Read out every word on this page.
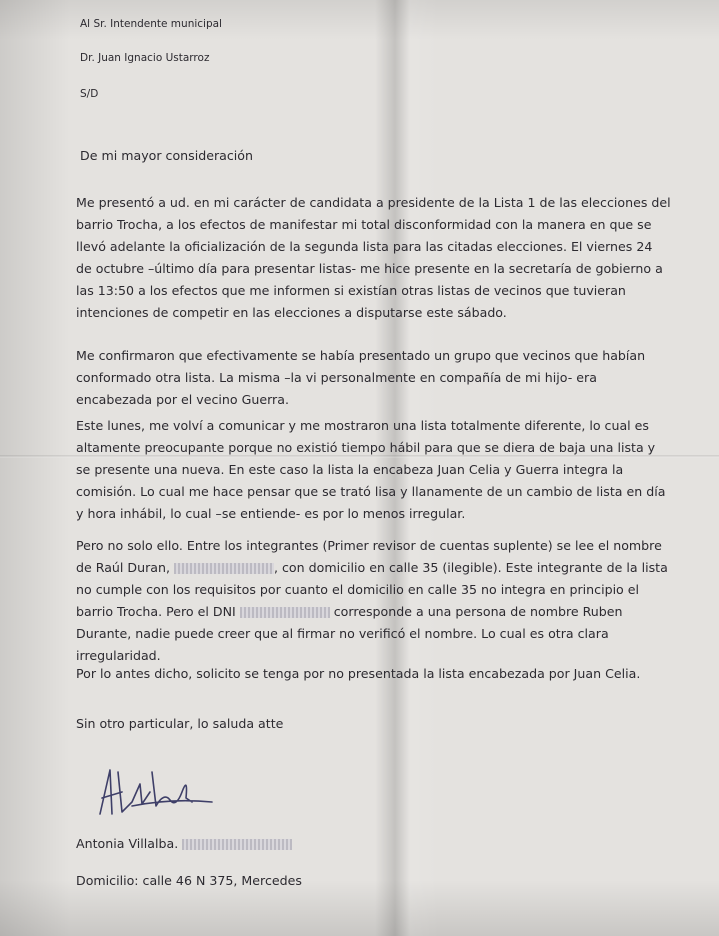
Al Sr. Intendente municipal
Dr. Juan Ignacio Ustarroz
S/D
De mi mayor consideración
Me presentó a ud. en mi carácter de candidata a presidente de la Lista 1 de las elecciones del barrio Trocha, a los efectos de manifestar mi total disconformidad con la manera en que se llevó adelante la oficialización de la segunda lista para las citadas elecciones. El viernes 24 de octubre –último día para presentar listas- me hice presente en la secretaría de gobierno a las 13:50 a los efectos que me informen si existían otras listas de vecinos que tuvieran intenciones de competir en las elecciones a disputarse este sábado.
Me confirmaron que efectivamente se había presentado un grupo que vecinos que habían conformado otra lista. La misma –la vi personalmente en compañía de mi hijo- era encabezada por el vecino Guerra.
Este lunes, me volví a comunicar y me mostraron una lista totalmente diferente, lo cual es altamente preocupante porque no existió tiempo hábil para que se diera de baja una lista y se presente una nueva. En este caso la lista la encabeza Juan Celia y Guerra integra la comisión. Lo cual me hace pensar que se trató lisa y llanamente de un cambio de lista en día y hora inhábil, lo cual –se entiende- es por lo menos irregular.
Pero no solo ello. Entre los integrantes (Primer revisor de cuentas suplente) se lee el nombre de Raúl Duran,	, con domicilio en calle 35 (ilegible). Este integrante de la lista no cumple con los requisitos por cuanto el domicilio en calle 35 no integra en principio el barrio Trocha. Pero el DNI	corresponde a una persona de nombre Ruben Durante, nadie puede creer que al firmar no verificó el nombre. Lo cual es otra clara irregularidad.
Por lo antes dicho, solicito se tenga por no presentada la lista encabezada por Juan Celia.
Sin otro particular, lo saluda atte
Antonia Villalba.
Domicilio: calle 46 N 375, Mercedes
